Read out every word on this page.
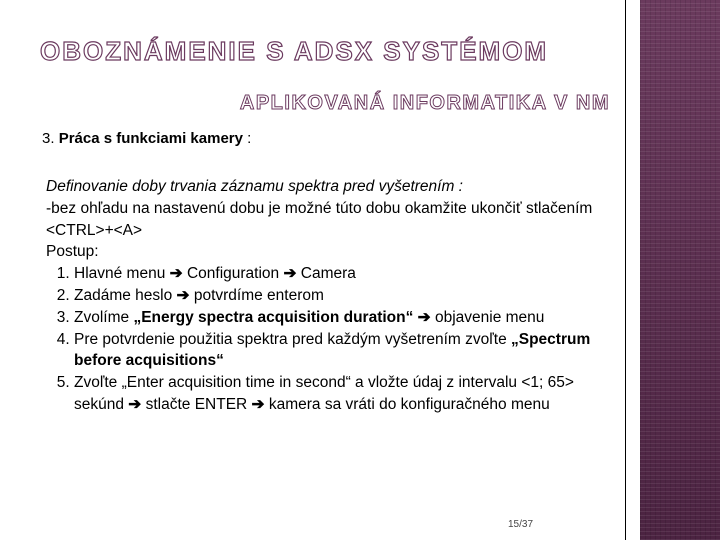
OBOZNÁMENIE S ADSX SYSTÉMOM
APLIKOVANÁ INFORMATIKA V NM
3. Práca s funkciami kamery :

Definovanie doby trvania záznamu spektra pred vyšetrením :

-bez ohľadu na nastavenú dobu je možné túto dobu okamžite ukončiť stlačením <CTRL>+<A>

Postup:

1. Hlavné menu ➔ Configuration ➔ Camera
2. Zadáme heslo ➔ potvrdíme enterom
3. Zvolíme „Energy spectra acquisition duration“ ➔ objavenie menu
4. Pre potvrdenie použitia spektra pred každým vyšetrením zvoľte „Spectrum before acquisitions“
5. Zvoľte „Enter acquisition time in second“ a vložte údaj z intervalu <1; 65> sekúnd ➔ stlačte ENTER ➔ kamera sa vráti do konfiguračného menu
15/37
